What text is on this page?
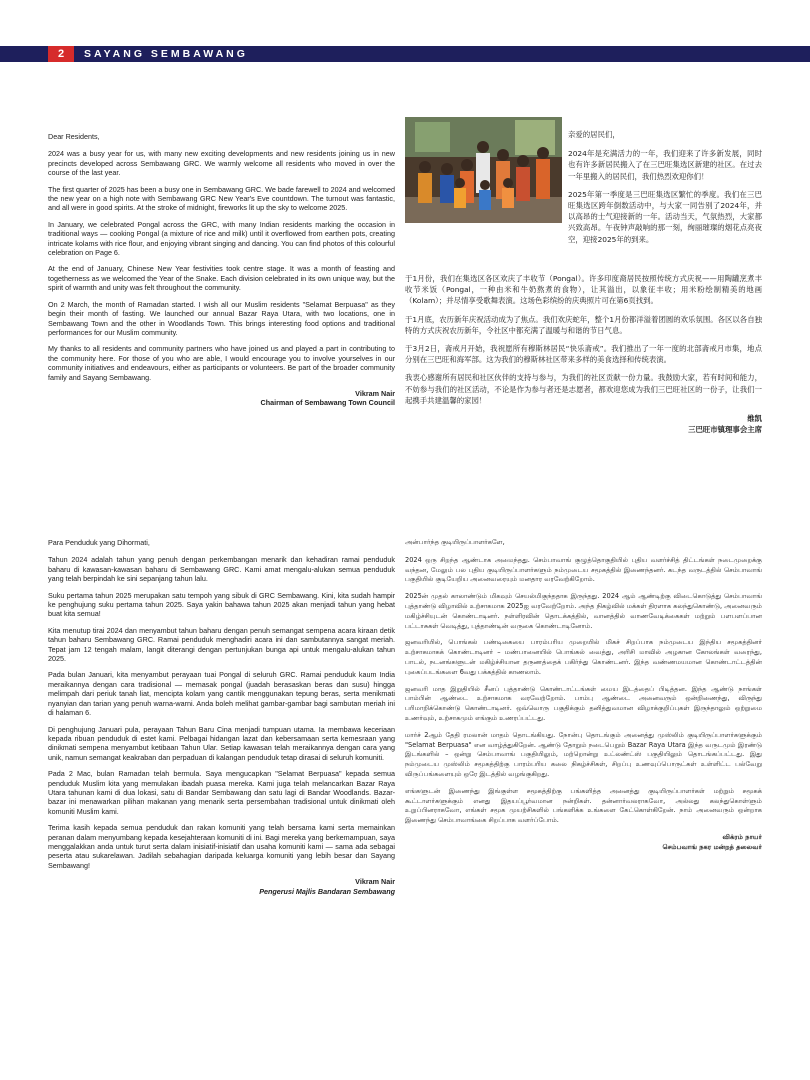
2	SAYANG SEMBAWANG

Dear Residents,

2024 was a busy year for us, with many new exciting developments and new residents joining us in new precincts developed across Sembawang GRC. We warmly welcome all residents who moved in over the course of the last year.

The first quarter of 2025 has been a busy one in Sembawang GRC. We bade farewell to 2024 and welcomed the new year on a high note with Sembawang GRC New Year's Eve countdown. The turnout was fantastic, and all were in good spirits. At the stroke of midnight, fireworks lit up the sky to welcome 2025.

In January, we celebrated Pongal across the GRC, with many Indian residents marking the occasion in traditional ways — cooking Pongal (a mixture of rice and milk) until it overflowed from earthen pots, creating intricate kolams with rice flour, and enjoying vibrant singing and dancing. You can find photos of this colourful celebration on Page 6.

At the end of January, Chinese New Year festivities took centre stage. It was a month of feasting and togetherness as we welcomed the Year of the Snake. Each division celebrated in its own unique way, but the spirit of warmth and unity was felt throughout the community.

On 2 March, the month of Ramadan started. I wish all our Muslim residents "Selamat Berpuasa" as they begin their month of fasting. We launched our annual Bazar Raya Utara, with two locations, one in Sembawang Town and the other in Woodlands Town. This brings interesting food options and traditional performances for our Muslim community.

My thanks to all residents and community partners who have joined us and played a part in contributing to the community here. For those of you who are able, I would encourage you to involve yourselves in our community initiatives and endeavours, either as participants or volunteers. Be part of the broader community family and Sayang Sembawang.

Vikram Nair

Chairman of Sembawang Town Council

亲爱的居民们，

2024年是充满活力的一年，我们迎来了许多新发展，同时也有许多新居民搬入了在三巴旺集选区新建的社区。在过去一年里搬入的居民们，我们热烈欢迎你们！

2025年第一季度是三巴旺集选区繁忙的季度。我们在三巴旺集选区跨年倒数活动中，与大家一同告别了2024年，并以高昂的士气迎接新的一年。活动当天，气氛热烈，大家都兴致高昂。午夜钟声敲响的那一刻，绚丽璀璨的烟花点亮夜空，迎接2025年的到来。

于1月份，我们在集选区各区欢庆了丰收节（Pongal）。许多印度裔居民按照传统方式庆祝——用陶罐烹煮丰收节米饭（Pongal，一种由米和牛奶熬煮的食物），让其溢出，以象征丰收；用米粉绘制精美的地画（Kolam）；并尽情享受歌舞表演。这场色彩缤纷的庆典照片可在第6页找到。

于1月底，农历新年庆祝活动成为了焦点。我们欢庆蛇年，整个1月份都洋溢着团圆的欢乐氛围。各区以各自独特的方式庆祝农历新年，令社区中都充满了温暖与和谐的节日气息。

于3月2日，斋戒月开始，我祝愿所有穆斯林居民“快乐斋戒”。我们推出了一年一度的北部斋戒月市集，地点分别在三巴旺和海军部。这为我们的穆斯林社区带来多样的美食选择和传统表演。

我衷心感谢所有居民和社区伙伴的支持与参与，为我们的社区贡献一份力量。我鼓励大家，若有时间和能力，不妨参与我们的社区活动，不论是作为参与者还是志愿者，都欢迎您成为我们三巴旺社区的一份子，让我们一起携手共建温馨的家园！

维凯

三巴旺市镇理事会主席

Para Penduduk yang Dihormati,

Tahun 2024 adalah tahun yang penuh dengan perkembangan menarik dan kehadiran ramai penduduk baharu di kawasan-kawasan baharu di Sembawang GRC. Kami amat mengalu-alukan semua penduduk yang telah berpindah ke sini sepanjang tahun lalu.

Suku pertama tahun 2025 merupakan satu tempoh yang sibuk di GRC Sembawang. Kini, kita sudah hampir ke penghujung suku pertama tahun 2025. Saya yakin bahawa tahun 2025 akan menjadi tahun yang hebat buat kita semua!

Kita menutup tirai 2024 dan menyambut tahun baharu dengan penuh semangat sempena acara kiraan detik tahun baharu Sembawang GRC. Ramai penduduk menghadiri acara ini dan sambutannya sangat meriah. Tepat jam 12 tengah malam, langit diterangi dengan pertunjukan bunga api untuk mengalu-alukan tahun 2025.

Pada bulan Januari, kita menyambut perayaan tuai Pongal di seluruh GRC. Ramai penduduk kaum India meraikannya dengan cara tradisional — memasak pongal (juadah berasaskan beras dan susu) hingga melimpah dari periuk tanah liat, mencipta kolam yang cantik menggunakan tepung beras, serta menikmati nyanyian dan tarian yang penuh warna-warni. Anda boleh melihat gambar-gambar bagi sambutan meriah ini di halaman 6.

Di penghujung Januari pula, perayaan Tahun Baru Cina menjadi tumpuan utama. Ia membawa keceriaan kepada ribuan penduduk di estet kami. Pelbagai hidangan lazat dan kebersamaan serta kemesraan yang dinikmati sempena menyambut ketibaan Tahun Ular. Setiap kawasan telah meraikannya dengan cara yang unik, namun semangat keakraban dan perpaduan di kalangan penduduk tetap dirasai di seluruh komuniti.

Pada 2 Mac, bulan Ramadan telah bermula. Saya mengucapkan "Selamat Berpuasa" kepada semua penduduk Muslim kita yang memulakan ibadah puasa mereka. Kami juga telah melancarkan Bazar Raya Utara tahunan kami di dua lokasi, satu di Bandar Sembawang dan satu lagi di Bandar Woodlands. Bazar-bazar ini menawarkan pilihan makanan yang menarik serta persembahan tradisional untuk dinikmati oleh komuniti Muslim kami.

Terima kasih kepada semua penduduk dan rakan komuniti yang telah bersama kami serta memainkan peranan dalam menyumbang kepada kesejahteraan komuniti di ini. Bagi mereka yang berkemampuan, saya menggalakkan anda untuk turut serta dalam inisiatif-inisiatif dan usaha komuniti kami — sama ada sebagai peserta atau sukarelawan. Jadilah sebahagian daripada keluarga komuniti yang lebih besar dan Sayang Sembawang!

Vikram Nair

Pengerusi Majlis Bandaran Sembawang

அன்பார்ந்த குடியிருப்பாளர்களே,

2024 ஒரு சிறந்த ஆண்டாக அமைந்தது. செம்பாவாங் குழுத்தொகுதியில் புதிய வளர்ச்சித் திட்டங்கள் நடைமுறைக்கு வந்தன, மேலும் பல புதிய குடியிருப்பாளர்களும் நம்முடைய சமூகத்தில் இணைந்தனர். கடந்த வருடத்தில் செம்பாவாங் பகுதியில் குடியேறிய அனைவரையும் மனதார வரவேற்கிறோம்.

2025ன் முதல் காலாண்டும் மிகவும் செயல்மிகுந்ததாக இருந்தது. 2024 ஆம் ஆண்டிற்கு விடைகொடுத்து செம்பாவாங் புத்தாண்டு விழாவில் உற்சாகமாக 2025ஐ வரவேற்றோம். அந்த நிகழ்வில் மக்கள் திரளாக கலந்துகொண்டு, அனைவரும் மகிழ்ச்சியுடன் கொண்டாடினர். நள்ளிரவின் தொடக்கத்தில், வானத்தில் வாணவேடிக்கைகள் மற்றும் பளபளப்பான பட்டாசுகள் வெடித்து, புத்தாண்டின் வருகை கொண்டாடினோம்.

ஜனவரியில், பொங்கல் பண்டிகையை பாரம்பரிய முறையில் மிகச் சிறப்பாக நம்முடைய இந்திய சமூகத்தினர் உற்சாகமாகக் கொண்டாடினர் – மண்பானையில் பொங்கல் வைத்து, அரிசி மாவில் அழகான கோலங்கள் வரைந்து, பாடல், நடனங்களுடன் மகிழ்ச்சியான தருணத்தைக் பகிர்ந்து கொண்டனர். இந்த வண்ணமயமான கொண்டாட்டத்தின் புகைப்படங்களை 6வது பக்கத்தில் காணலாம்.

ஜனவரி மாத இறுதியில் சீனப் புத்தாண்டு கொண்டாட்டங்கள் மைய இடத்தைப் பிடித்தன. இந்த ஆண்டு நாங்கள் பாம்பின் ஆண்டை உற்சாகமாக வரவேற்றோம். பாம்பு ஆண்டை அனைவரும் ஒன்றிணைந்து, விருந்து பரிமாறிக்கொண்டு கொண்டாடினர். ஒவ்வொரு பகுதிக்கும் தனித்துவமான விழாக்குறிப்புகள் இருந்தாலும் ஒற்றுமை உணர்வும், உற்சாகமும் எங்கும் உணரப்பட்டது.

மார்ச் 2ஆம் தேதி ரமலான் மாதம் தொடங்கியது. நோன்பு தொடங்கும் அனைத்து முஸ்லிம் குடியிருப்பாளர்களுக்கும் "Selamat Berpuasa" என வாழ்த்துகிறேன். ஆண்டு தோறும் நடைபெறும் Bazar Raya Utara இந்த வருடமும் இரண்டு இடங்களில் – ஒன்று செம்பாவாங் பகுதியிலும், மற்றொன்று உட்லண்ட்ஸ் பகுதியிலும் தொடங்கப்பட்டது. இது நம்முடைய முஸ்லிம் சமூகத்திற்கு பாரம்பரிய கலை நிகழ்ச்சிகள், சிறப்பு உணவுப்பொருட்கள் உள்ளிட்ட பல்வேறு விருப்பங்களையும் ஒரே இடத்தில் வழங்குகிறது.

எங்களுடன் இணைந்து இங்குள்ள சமூகத்திற்கு பங்களித்த அனைத்து குடியிருப்பாளர்கள் மற்றும் சமூகக் கூட்டாளர்களுக்கும் எனது இதயப்பூர்வமான நன்றிகள். தன்னார்வலராகவோ, அல்லது கலந்துகொள்ளும் உறுப்பினராகவோ, எங்கள் சமூக முயற்சிகளில் பங்களிக்க உங்களை கேட்கொள்கிறேன். நாம் அனைவரும் ஒன்றாக இணைந்து செம்பாவாங்கை சிறப்பாக வளர்ப்போம்.

விக்ரம் நாயர்

செம்பவாங் நகர மன்றத் தலைவர்
